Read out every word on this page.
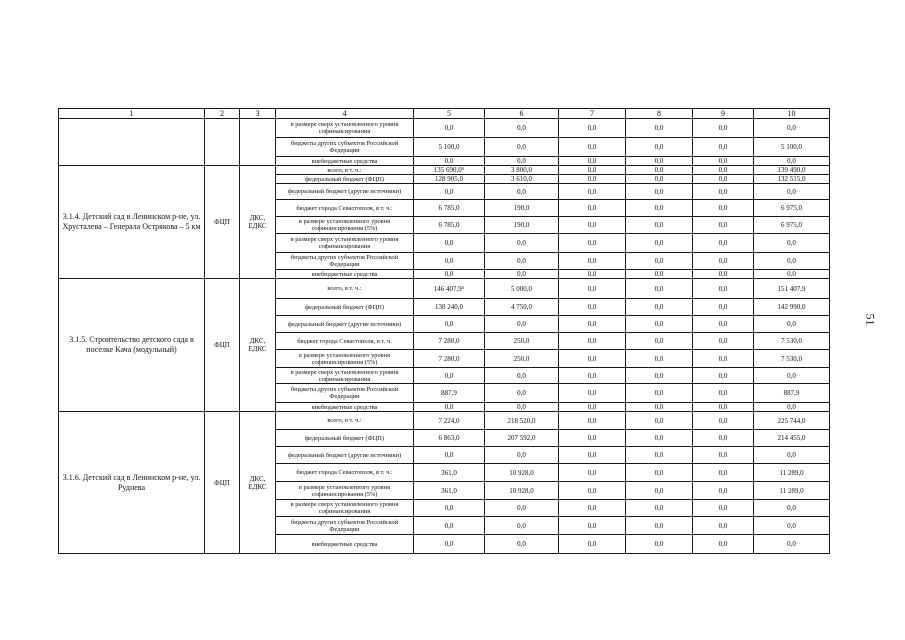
1	2	3	4	5	6	7	8	9	10
			в размере сверх установленного уровня софинансирования	0,0	0,0	0,0	0,0	0,0	0,0
			бюджеты других субъектов Российской Федерации	5 100,0	0,0	0,0	0,0	0,0	5 100,0
			внебюджетные средства	0,0	0,0	0,0	0,0	0,0	0,0
3.1.4. Детский сад в Ленинском р-не, ул. Хрусталева – Генерала Острякова – 5 км	ФЦП	ДКС, ЕДКС	всего, в т. ч.:	135 690,0⁵	3 800,0	0,0	0,0	0,0	139 490,0
			федеральный бюджет (ФЦП)	128 905,0	3 610,0	0,0	0,0	0,0	132 515,0
			федеральный бюджет (другие источники)	0,0	0,0	0,0	0,0	0,0	0,0
			бюджет города Севастополя, в т. ч.:	6 785,0	190,0	0,0	0,0	0,0	6 975,0
			в размере установленного уровня софинансирования (5%)	6 785,0	190,0	0,0	0,0	0,0	6 975,0
			в размере сверх установленного уровня софинансирования	0,0	0,0	0,0	0,0	0,0	0,0
			бюджеты других субъектов Российской Федерации	0,0	0,0	0,0	0,0	0,0	0,0
			внебюджетные средства	0,0	0,0	0,0	0,0	0,0	0,0
3.1.5. Строительство детского сада в поселке Кача (модульный)	ФЦП	ДКС, ЕДКС	всего, в т. ч.:	146 407,9⁶	5 000,0	0,0	0,0	0,0	151 407,9
			федеральный бюджет (ФЦП)	138 240,0	4 750,0	0,0	0,0	0,0	142 990,0
			федеральный бюджет (другие источники)	0,0	0,0	0,0	0,0	0,0	0,0
			бюджет города Севастополя, в т. ч.	7 280,0	250,0	0,0	0,0	0,0	7 530,0
			в размере установленного уровня софинансирования (5%)	7 280,0	250,0	0,0	0,0	0,0	7 530,0
			в размере сверх установленного уровня софинансирования	0,0	0,0	0,0	0,0	0,0	0,0
			бюджеты других субъектов Российской Федерации	887,9	0,0	0,0	0,0	0,0	887,9
			внебюджетные средства	0,0	0,0	0,0	0,0	0,0	0,0
3.1.6. Детский сад в Ленинском р-не, ул. Руднева	ФЦП	ДКС, ЕДКС	всего, в т. ч.:	7 224,0	218 520,0	0,0	0,0	0,0	225 744,0
			федеральный бюджет (ФЦП)	6 863,0	207 592,0	0,0	0,0	0,0	214 455,0
			федеральный бюджет (другие источники)	0,0	0,0	0,0	0,0	0,0	0,0
			бюджет города Севастополя, в т. ч.:	361,0	10 928,0	0,0	0,0	0,0	11 289,0
			в размере установленного уровня софинансирования (5%)	361,0	10 928,0	0,0	0,0	0,0	11 289,0
			в размере сверх установленного уровня софинансирования	0,0	0,0	0,0	0,0	0,0	0,0
			бюджеты других субъектов Российской Федерации	0,0	0,0	0,0	0,0	0,0	0,0
			внебюджетные средства	0,0	0,0	0,0	0,0	0,0	0,0
51
